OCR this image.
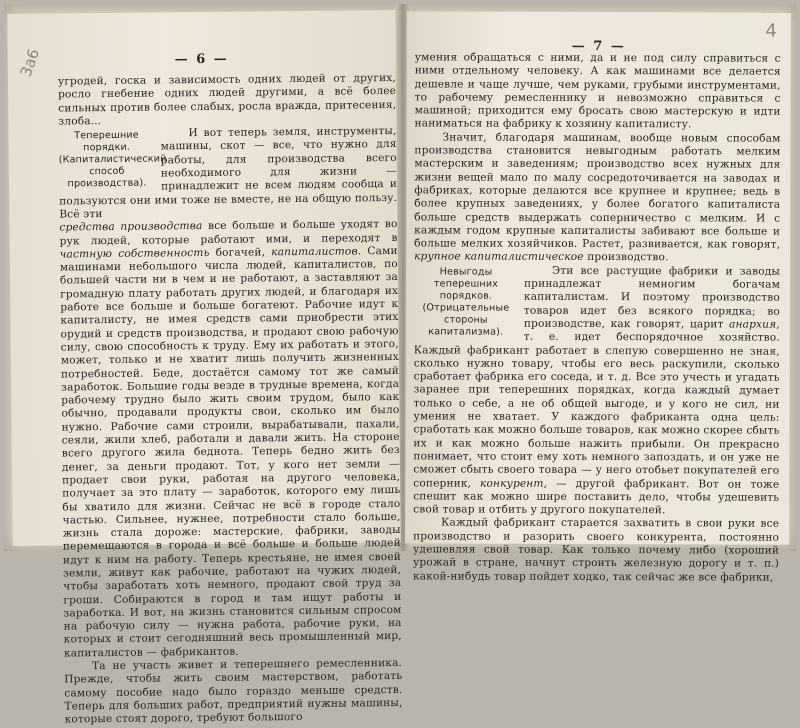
3a6	— 6 —

угродей, госка и зависимость одних людей от других, росло гнебение одних людей другими, а всё более сильных против более слабых, росла вражда, притесения, злоба...

Теперешние порядки. (Капиталистический способ производства).

И вот теперь земля, инструменты, машины, скот — все, что нужно для работы, для производства всего необходимого для жизни — принадлежит не всем людям сообща и пользуются они ими тоже не вместе, не на общую пользу. Всё эти

средства производства все больше и больше уходят во рук людей, которые работают ими, и переходят в частную собственность богачей, капиталистов. Сами машинами небольшого числа людей, капиталистов, по большей части ни в чем и не работают, а заставляют за громадную плату работать других людей, и благодаря их работе все больше и больше богатеют. Рабочие идут к капиталисту, не имея средств сами приобрести этих орудий и средств производства, и продают свою рабочую силу, свою способность к труду. Ему их работать и этого, может, только и не хватит лишь получить жизненных потребностей. Беде, достаётся самому тот же самый заработок. Большие годы везде в трудные времена, когда рабочему трудно было жить своим трудом, было как обычно, продавали продукты свои, сколько им было нужно. Рабочие сами строили, вырабатывали, пахали, сеяли, жили хлеб, работали и давали жить. На стороне всего другого жила беднота. Теперь бедно жить без денег, за деньги продают. Тот, у кого нет земли — продает свои руки, работая на другого человека, получает за это плату — заработок, которого ему лишь бы хватило для жизни. Сейчас не всё в городе стало частью. Сильнее, нужнее, потребности стало больше, жизнь стала дороже: мастерские, фабрики, заводы перемещаются в города и всё больше и больше людей идут к ним на работу. Теперь крестьяне, не имея своей земли, живут как рабочие, работают на чужих людей, чтобы заработать хоть немного, продают свой труд за гроши. Собираются в город и там ищут работы и заработка. И вот, на жизнь становится сильным спросом на рабочую силу — нужна работа, рабочие руки, на которых и стоит сегодняшний весь промышленный мир, капиталистов — фабрикантов.

Та не участь живет и теперешнего ремесленника. Прежде, чтобы жить своим мастерством, работать самому пособие надо было гораздо меньше средств. Теперь для больших работ, предприятий нужны машины, которые стоят дорого, требуют большого

4
— 7 —

умения обращаться с ними, да и не под силу справиться с ними отдельному человеку. А как машинами все делается дешевле и чаще лучше, чем руками, грубыми инструментами, то рабочему ремесленнику и невозможно справиться с машиной; приходится ему бросать свою мастерскую и идти наниматься на фабрику к хозяину капиталисту.

Значит, благодаря машинам, вообще новым способам производства становится невыгодным работать мелким мастерским и заведениям; производство всех нужных для жизни вещей мало по малу сосредоточивается на заводах и фабриках, которые делаются все крупнее и крупнее; ведь в более крупных заведениях, у более богатого капиталиста больше средств выдержать соперничество с мелким. И с каждым годом крупные капиталисты забивают все больше и больше мелких хозяйчиков. Растет, развивается, как говорят, крупное капиталистическое производство.

Невыгоды теперешних порядков. (Отрицательные стороны капитализма).

Эти все растущие фабрики и заводы принадлежат немногим богачам капиталистам. И поэтому производство товаров идет без всякого порядка; во производстве, как говорят, царит анархия, т. е. идет беспорядочное хозяйство. Каждый фабрикант работает в слепую совершенно не зная, сколько нужно товару, чтобы его весь раскупили, сколько сработает фабрика его соседа, и т. д. Все это учесть и угадать заранее при теперешних порядках, когда каждый думает только о себе, а не об общей выгоде, и у кого не сил, ни умения не хватает. У каждого фабриканта одна цель: сработать как можно больше товаров, как можно скорее сбыть их и как можно больше нажить прибыли. Он прекрасно понимает, что стоит ему хоть немного запоздать, и он уже не сможет сбыть своего товара — у него отобьет покупателей его соперник, конкурент, — другой фабрикант. Вот он тоже спешит как можно шире поставить дело, чтобы удешевить свой товар и отбить у другого покупателей.

Каждый фабрикант старается захватить в свои руки все производство и разорить своего конкурента, постоянно удешевляя свой товар. Как только почему либо (хороший урожай в стране, начнут строить железную дорогу и т. п.) какой-нибудь товар пойдет ходко, так сейчас же все фабрики,
